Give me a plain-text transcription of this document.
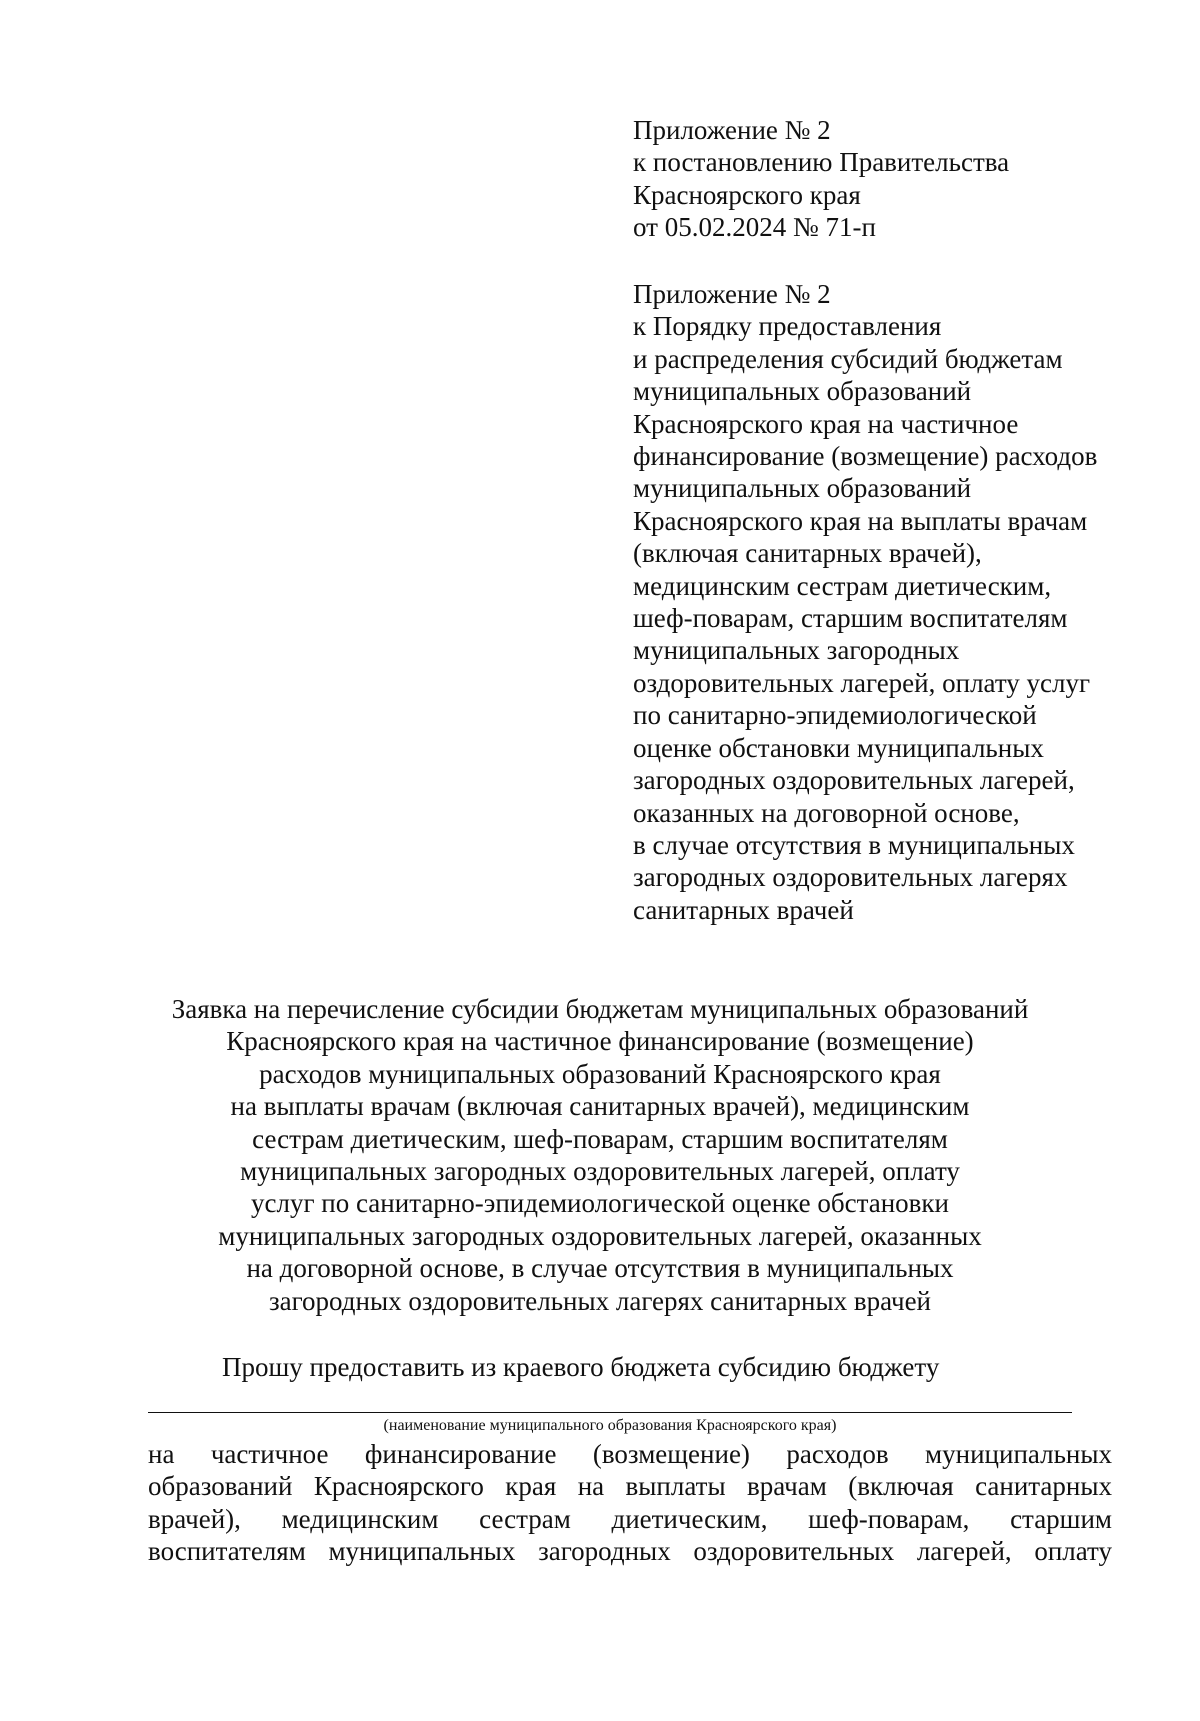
Приложение № 2
к постановлению Правительства
Красноярского края
от 05.02.2024 № 71-п
Приложение № 2
к Порядку предоставления
и распределения субсидий бюджетам
муниципальных образований
Красноярского края на частичное
финансирование (возмещение) расходов
муниципальных образований
Красноярского края на выплаты врачам
(включая санитарных врачей),
медицинским сестрам диетическим,
шеф-поварам, старшим воспитателям
муниципальных загородных
оздоровительных лагерей, оплату услуг
по санитарно-эпидемиологической
оценке обстановки муниципальных
загородных оздоровительных лагерей,
оказанных на договорной основе,
в случае отсутствия в муниципальных
загородных оздоровительных лагерях
санитарных врачей
Заявка на перечисление субсидии бюджетам муниципальных образований
Красноярского края на частичное финансирование (возмещение)
расходов муниципальных образований Красноярского края
на выплаты врачам (включая санитарных врачей), медицинским
сестрам диетическим, шеф-поварам, старшим воспитателям
муниципальных загородных оздоровительных лагерей, оплату
услуг по санитарно-эпидемиологической оценке обстановки
муниципальных загородных оздоровительных лагерей, оказанных
на договорной основе, в случае отсутствия в муниципальных
загородных оздоровительных лагерях санитарных врачей
Прошу предоставить из краевого бюджета субсидию бюджету
(наименование муниципального образования Красноярского края)
на частичное финансирование (возмещение) расходов муниципальных
образований Красноярского края на выплаты врачам (включая санитарных
врачей), медицинским сестрам диетическим, шеф-поварам, старшим
воспитателям муниципальных загородных оздоровительных лагерей, оплату
